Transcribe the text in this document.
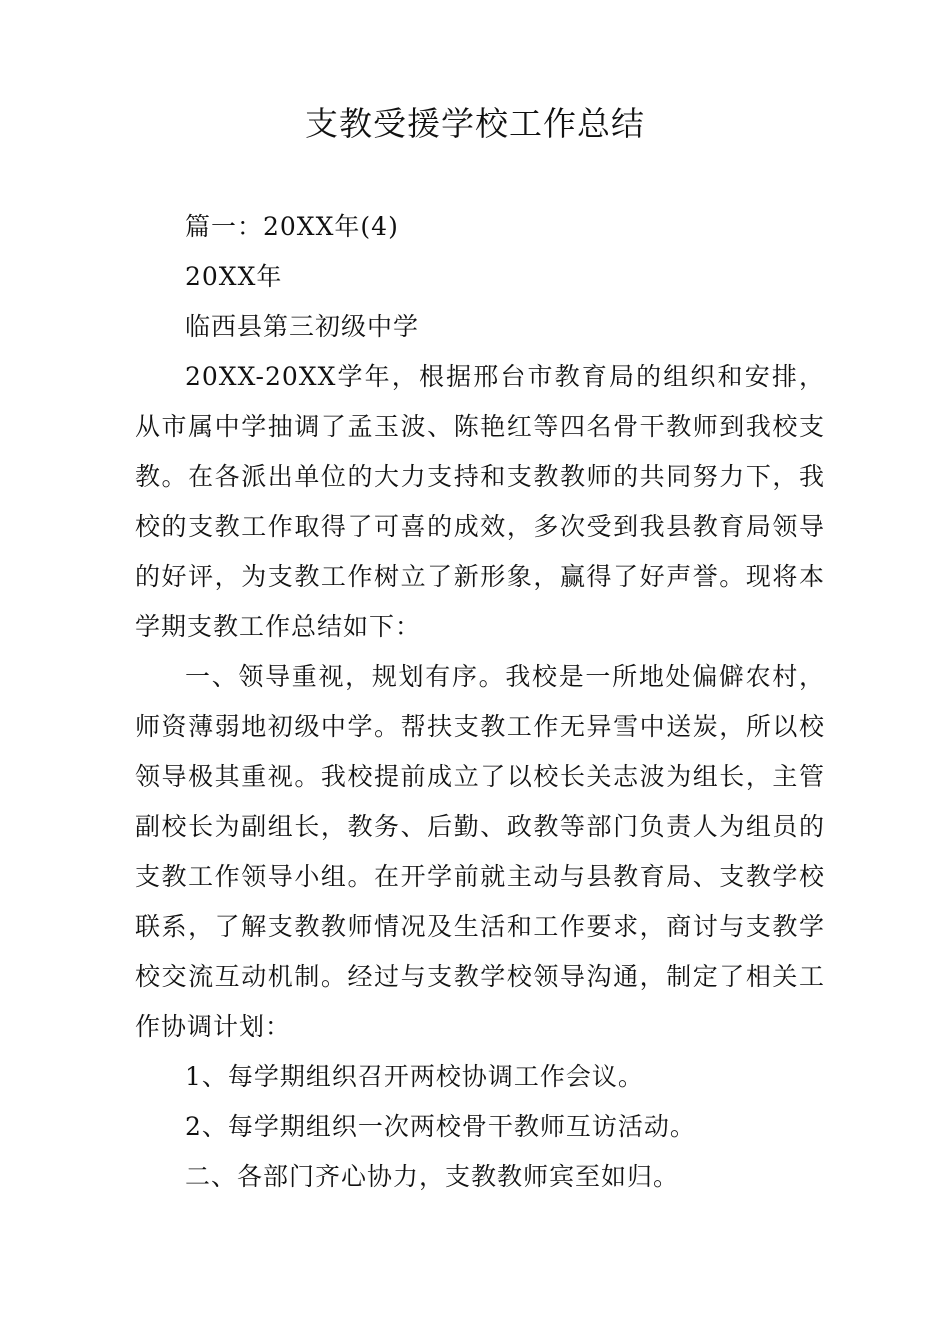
支教受援学校工作总结

篇一：20XX年(4)

20XX年

临西县第三初级中学

20XX-20XX学年，根据邢台市教育局的组织和安排，从市属中学抽调了孟玉波、陈艳红等四名骨干教师到我校支教。在各派出单位的大力支持和支教教师的共同努力下，我校的支教工作取得了可喜的成效，多次受到我县教育局领导的好评，为支教工作树立了新形象，赢得了好声誉。现将本学期支教工作总结如下：

一、领导重视，规划有序。我校是一所地处偏僻农村，师资薄弱地初级中学。帮扶支教工作无异雪中送炭，所以校领导极其重视。我校提前成立了以校长关志波为组长，主管副校长为副组长，教务、后勤、政教等部门负责人为组员的支教工作领导小组。在开学前就主动与县教育局、支教学校联系，了解支教教师情况及生活和工作要求，商讨与支教学校交流互动机制。经过与支教学校领导沟通，制定了相关工作协调计划：

1、每学期组织召开两校协调工作会议。

2、每学期组织一次两校骨干教师互访活动。

二、各部门齐心协力，支教教师宾至如归。
